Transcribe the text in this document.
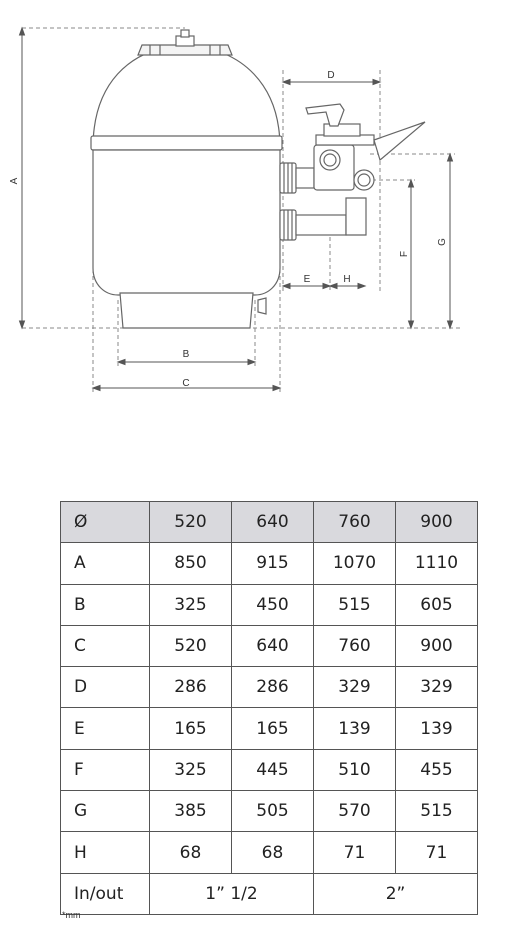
A
B
C
D
E	H
F
G
Ø	520	640	760	900
A	850	915	1070	1110
B	325	450	515	605
C	520	640	760	900
D	286	286	329	329
E	165	165	139	139
F	325	445	510	455
G	385	505	570	515
H	68	68	71	71
In/out	1” 1/2		2”	
*mm
